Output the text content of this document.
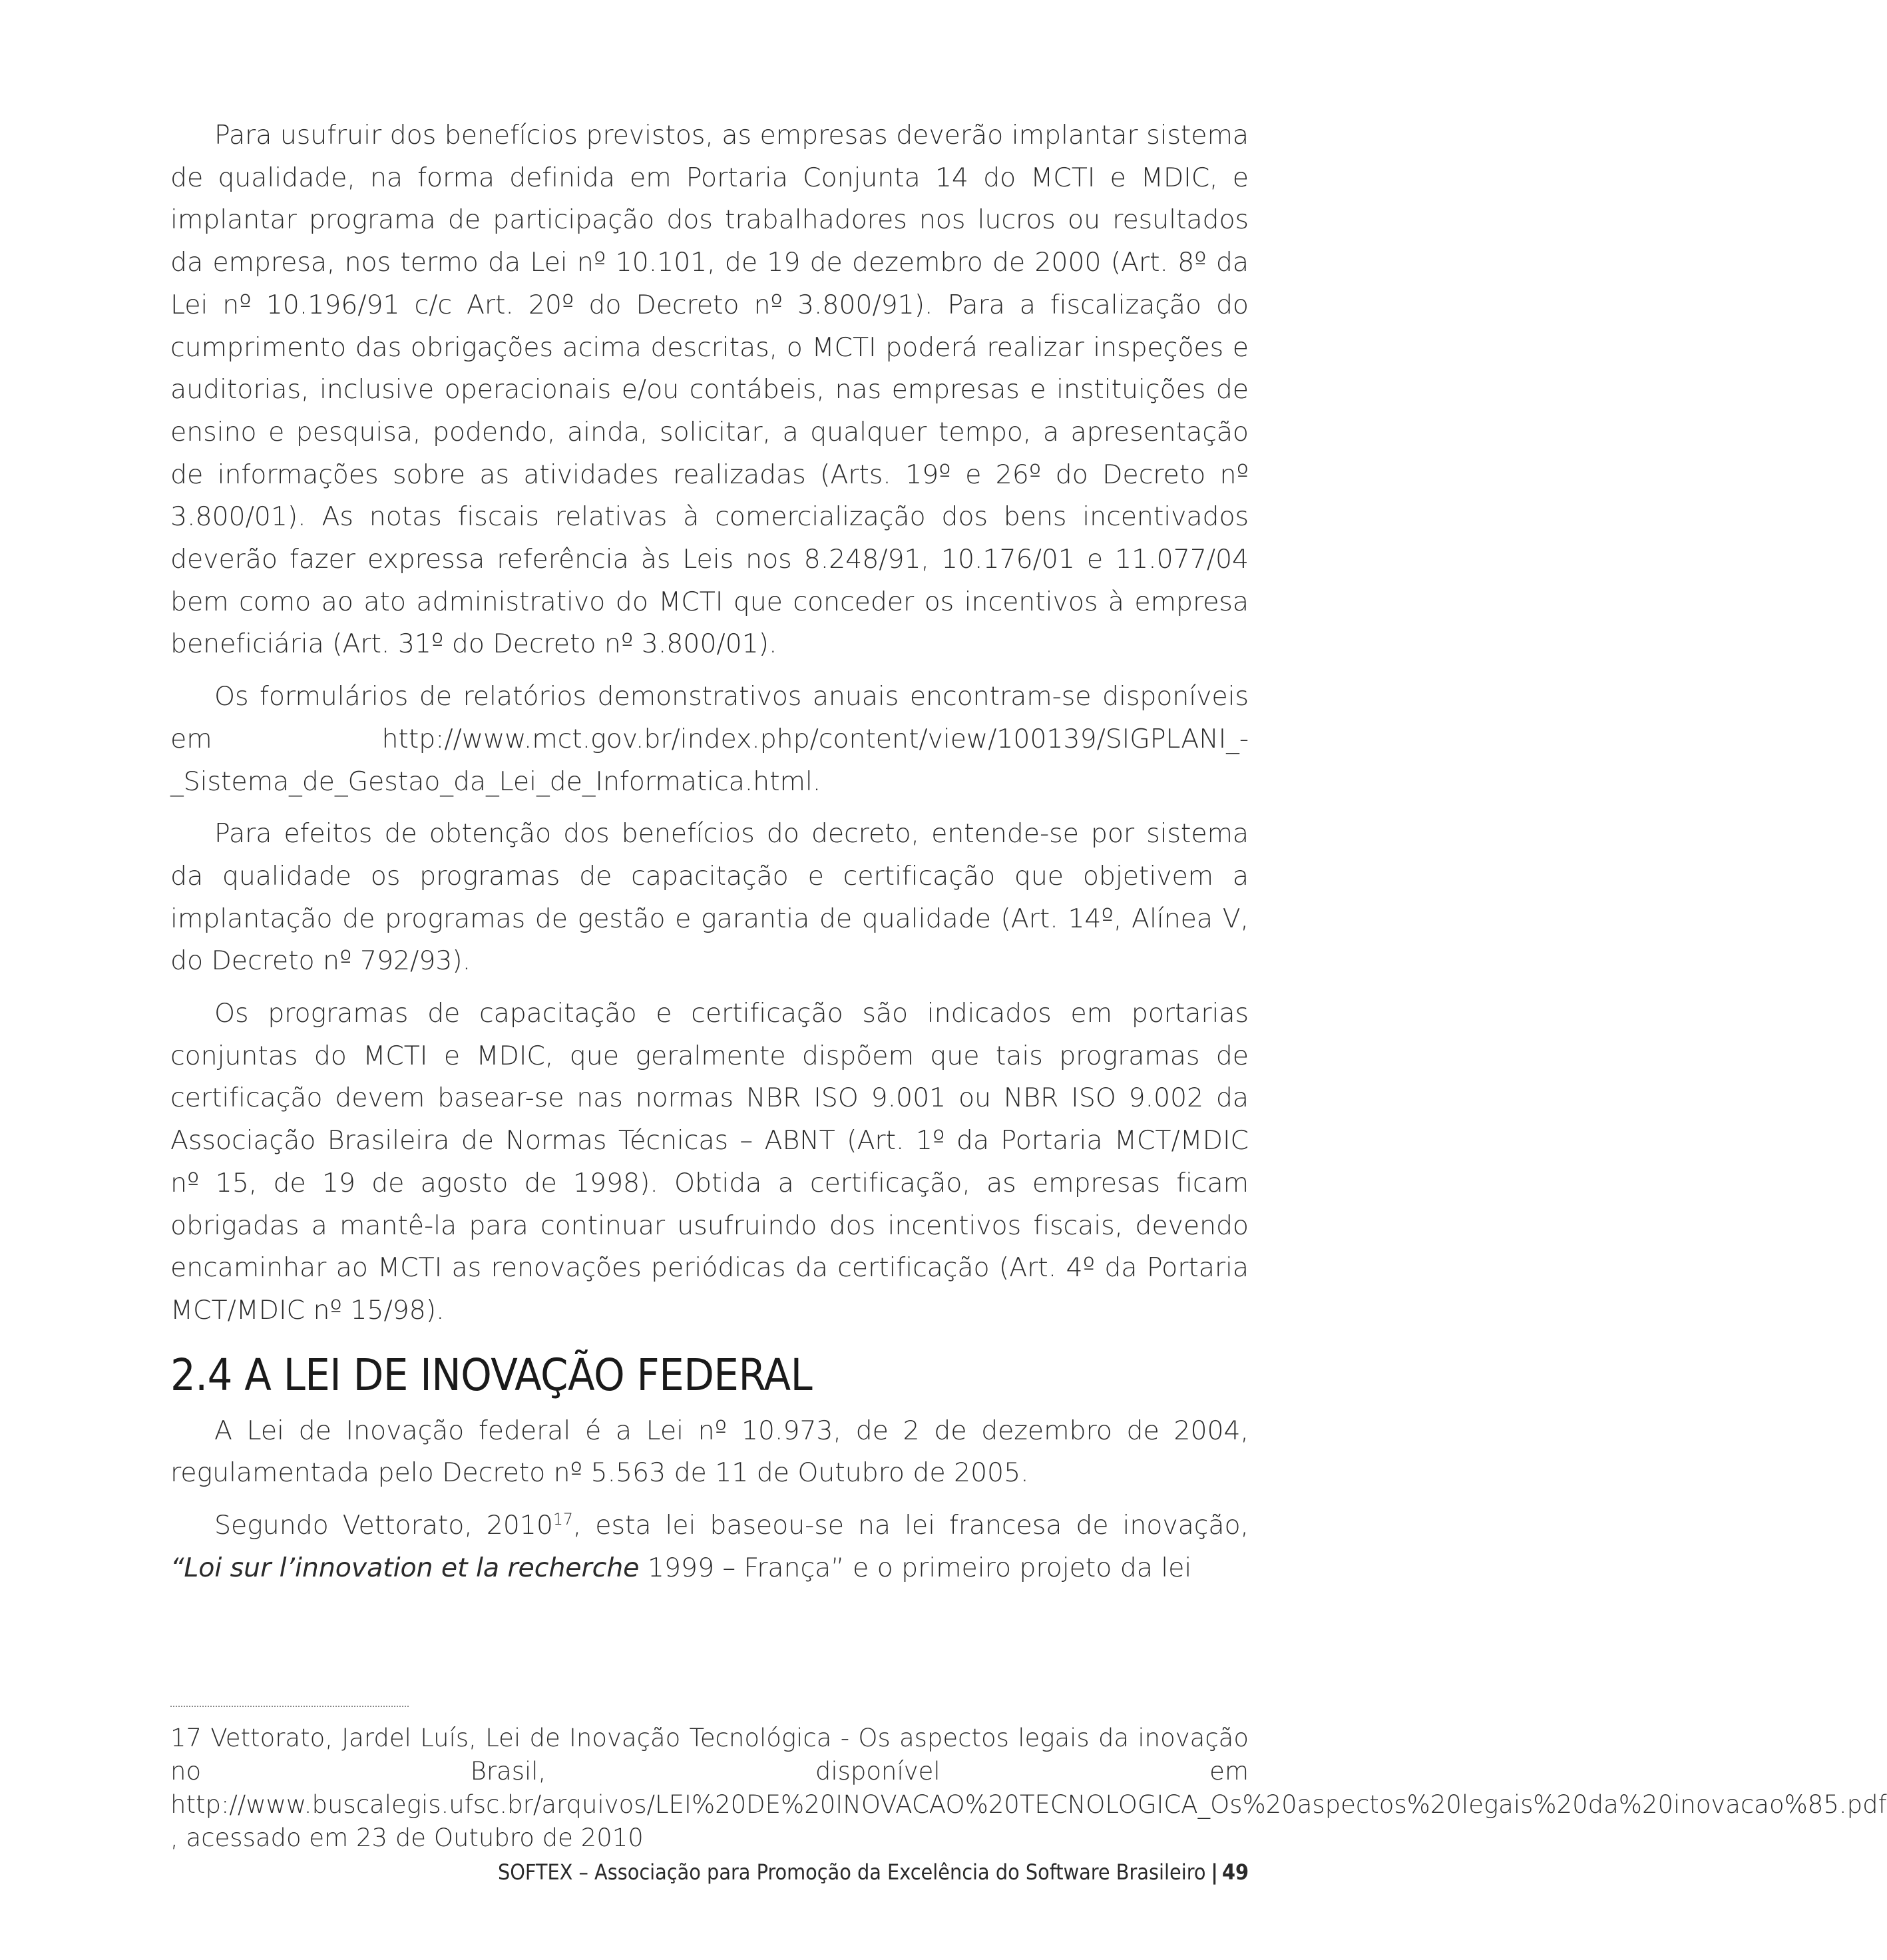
Para usufruir dos benefícios previstos, as empresas deverão implantar sistema de qualidade, na forma definida em Portaria Conjunta 14 do MCTI e MDIC, e implantar programa de participação dos trabalhadores nos lucros ou resultados da empresa, nos termo da Lei nº 10.101, de 19 de dezembro de 2000 (Art. 8º da Lei nº 10.196/91 c/c Art. 20º do Decreto nº 3.800/91). Para a fiscalização do cumprimento das obrigações acima descritas, o MCTI poderá realizar inspeções e auditorias, inclusive operacionais e/ou contábeis, nas empresas e instituições de ensino e pesquisa, podendo, ainda, solicitar, a qualquer tempo, a apresentação de informações sobre as atividades realizadas (Arts. 19º e 26º do Decreto nº 3.800/01). As notas fiscais relativas à comercialização dos bens incentivados deverão fazer expressa referência às Leis nos 8.248/91, 10.176/01 e 11.077/04 bem como ao ato administrativo do MCTI que conceder os incentivos à empresa beneficiária (Art. 31º do Decreto nº 3.800/01).

Os formulários de relatórios demonstrativos anuais encontram-se disponíveis em http://www.mct.gov.br/index.php/content/view/100139/SIGPLANI_-_Sistema_de_Gestao_da_Lei_de_Informatica.html.

Para efeitos de obtenção dos benefícios do decreto, entende-se por sistema da qualidade os programas de capacitação e certificação que objetivem a implantação de programas de gestão e garantia de qualidade (Art. 14º, Alínea V, do Decreto nº 792/93).

Os programas de capacitação e certificação são indicados em portarias conjuntas do MCTI e MDIC, que geralmente dispõem que tais programas de certificação devem basear-se nas normas NBR ISO 9.001 ou NBR ISO 9.002 da Associação Brasileira de Normas Técnicas – ABNT (Art. 1º da Portaria MCT/MDIC nº 15, de 19 de agosto de 1998). Obtida a certificação, as empresas ficam obrigadas a mantê-la para continuar usufruindo dos incentivos fiscais, devendo encaminhar ao MCTI as renovações periódicas da certificação (Art. 4º da Portaria MCT/MDIC nº 15/98).

2.4 A LEI DE INOVAÇÃO FEDERAL

A Lei de Inovação federal é a Lei nº 10.973, de 2 de dezembro de 2004, regulamentada pelo Decreto nº 5.563 de 11 de Outubro de 2005.

Segundo Vettorato, 2010$^{17}$, esta lei baseou-se na lei francesa de inovação, “Loi sur l’innovation et la recherche 1999 – França” e o primeiro projeto da lei

17 Vettorato, Jardel Luís, Lei de Inovação Tecnológica - Os aspectos legais da inovação no Brasil, disponível em http://www.buscalegis.ufsc.br/arquivos/LEI%20DE%20INOVACAO%20TECNOLOGICA_Os%20aspectos%20legais%20da%20inovacao%85.pdf , acessado em 23 de Outubro de 2010
SOFTEX – Associação para Promoção da Excelência do Software Brasileiro | 49
